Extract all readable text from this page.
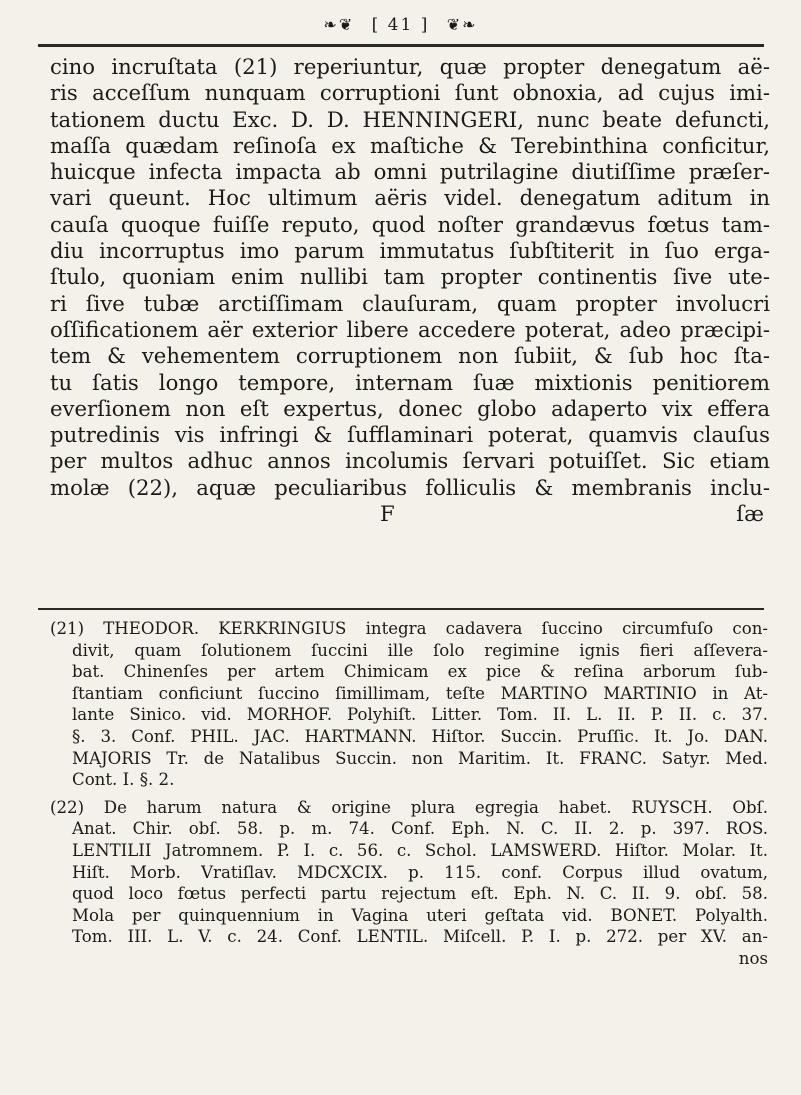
❧❦ [ 41 ] ❦❧
cino incruſtata (21) reperiuntur, quæ propter denegatum aë-
ris acceſſum nunquam corruptioni ſunt obnoxia, ad cujus imi-
tationem ductu Exc. D. D. HENNINGERI, nunc beate defuncti,
maſſa quædam reſinoſa ex maſtiche & Terebinthina conficitur,
huicque infecta impacta ab omni putrilagine diutiſſime præſer-
vari queunt. Hoc ultimum aëris videl. denegatum aditum in
cauſa quoque fuiſſe reputo, quod noſter grandævus fœtus tam-
diu incorruptus imo parum immutatus ſubſtiterit in ſuo erga-
ſtulo, quoniam enim nullibi tam propter continentis ſive ute-
ri ſive tubæ arctiſſimam clauſuram, quam propter involucri
oſſificationem aër exterior libere accedere poterat, adeo præcipi-
tem & vehementem corruptionem non ſubiit, & ſub hoc ſta-
tu ſatis longo tempore, internam ſuæ mixtionis penitiorem
everſionem non eſt expertus, donec globo adaperto vix effera
putredinis vis infringi & ſufflaminari poterat, quamvis clauſus
per multos adhuc annos incolumis ſervari potuiſſet. Sic etiam
molæ (22), aquæ peculiaribus folliculis & membranis inclu-
F	ſæ
(21) THEODOR. KERKRINGIUS integra cadavera ſuccino circumfuſo con-
divit, quam ſolutionem ſuccini ille ſolo regimine ignis fieri aſſevera-
bat. Chinenſes per artem Chimicam ex pice & reſina arborum ſub-
ſtantiam conficiunt ſuccino ſimillimam, teſte MARTINO MARTINIO in At-
lante Sinico. vid. MORHOF. Polyhiſt. Litter. Tom. II. L. II. P. II. c. 37.
§. 3. Conf. PHIL. JAC. HARTMANN. Hiſtor. Succin. Pruſſic. It. Jo. DAN.
MAJORIS Tr. de Natalibus Succin. non Maritim. It. FRANC. Satyr. Med.
Cont. I. §. 2.
(22) De harum natura & origine plura egregia habet. RUYSCH. Obſ.
Anat. Chir. obſ. 58. p. m. 74. Conf. Eph. N. C. II. 2. p. 397. ROS.
LENTILII Jatromnem. P. I. c. 56. c. Schol. LAMSWERD. Hiſtor. Molar. It.
Hiſt. Morb. Vratiſlav. MDCXCIX. p. 115. conf. Corpus illud ovatum,
quod loco fœtus perfecti partu rejectum eſt. Eph. N. C. II. 9. obſ. 58.
Mola per quinquennium in Vagina uteri geſtata vid. BONET. Polyalth.
Tom. III. L. V. c. 24. Conf. LENTIL. Miſcell. P. I. p. 272. per XV. an-
nos
